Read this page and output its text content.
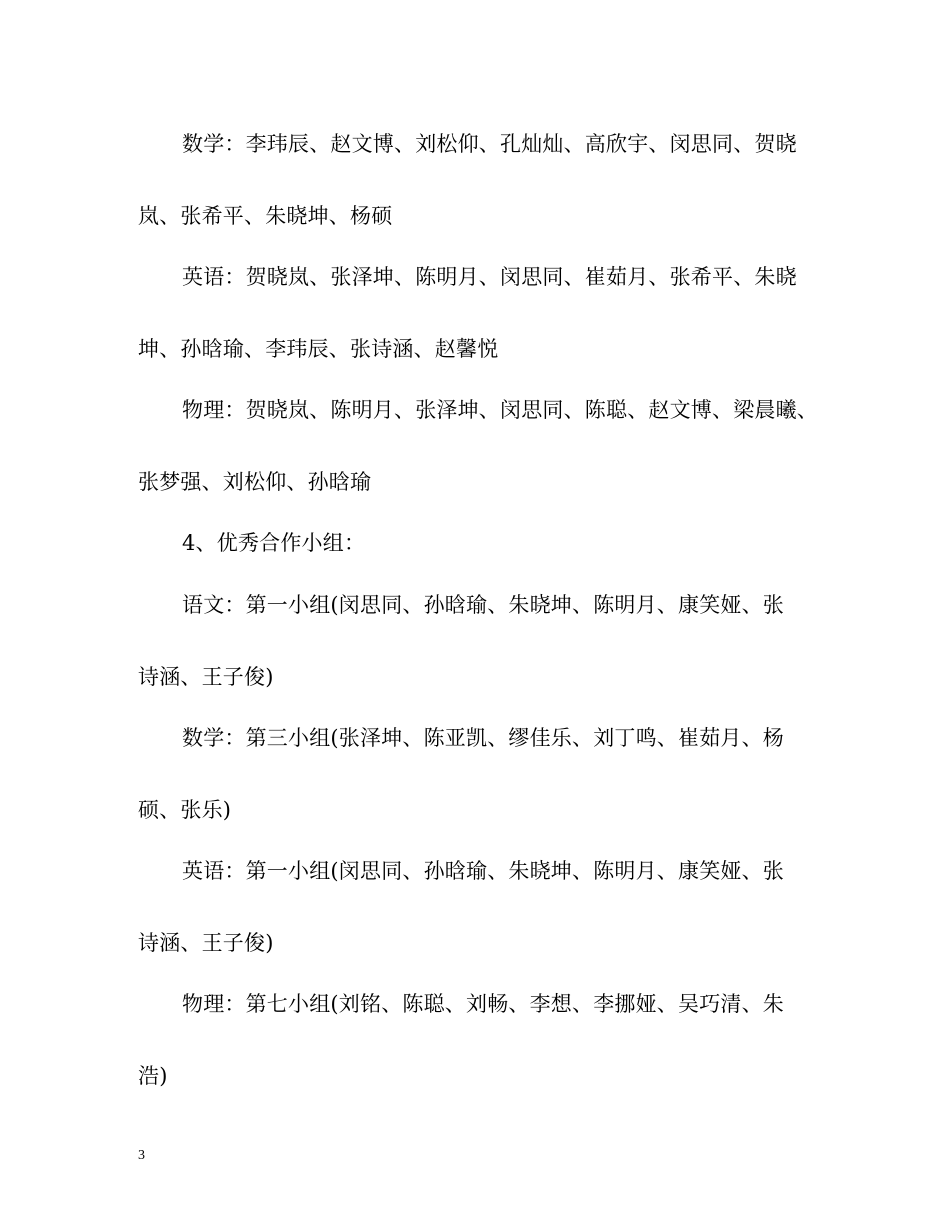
数学：李玮辰、赵文博、刘松仰、孔灿灿、高欣宇、闵思同、贺晓
岚、张希平、朱晓坤、杨硕
英语：贺晓岚、张泽坤、陈明月、闵思同、崔茹月、张希平、朱晓
坤、孙晗瑜、李玮辰、张诗涵、赵馨悦
物理：贺晓岚、陈明月、张泽坤、闵思同、陈聪、赵文博、梁晨曦、
张梦强、刘松仰、孙晗瑜
4、优秀合作小组：
语文：第一小组(闵思同、孙晗瑜、朱晓坤、陈明月、康笑娅、张
诗涵、王子俊)
数学：第三小组(张泽坤、陈亚凯、缪佳乐、刘丁鸣、崔茹月、杨
硕、张乐)
英语：第一小组(闵思同、孙晗瑜、朱晓坤、陈明月、康笑娅、张
诗涵、王子俊)
物理：第七小组(刘铭、陈聪、刘畅、李想、李挪娅、吴巧清、朱
浩)
3
